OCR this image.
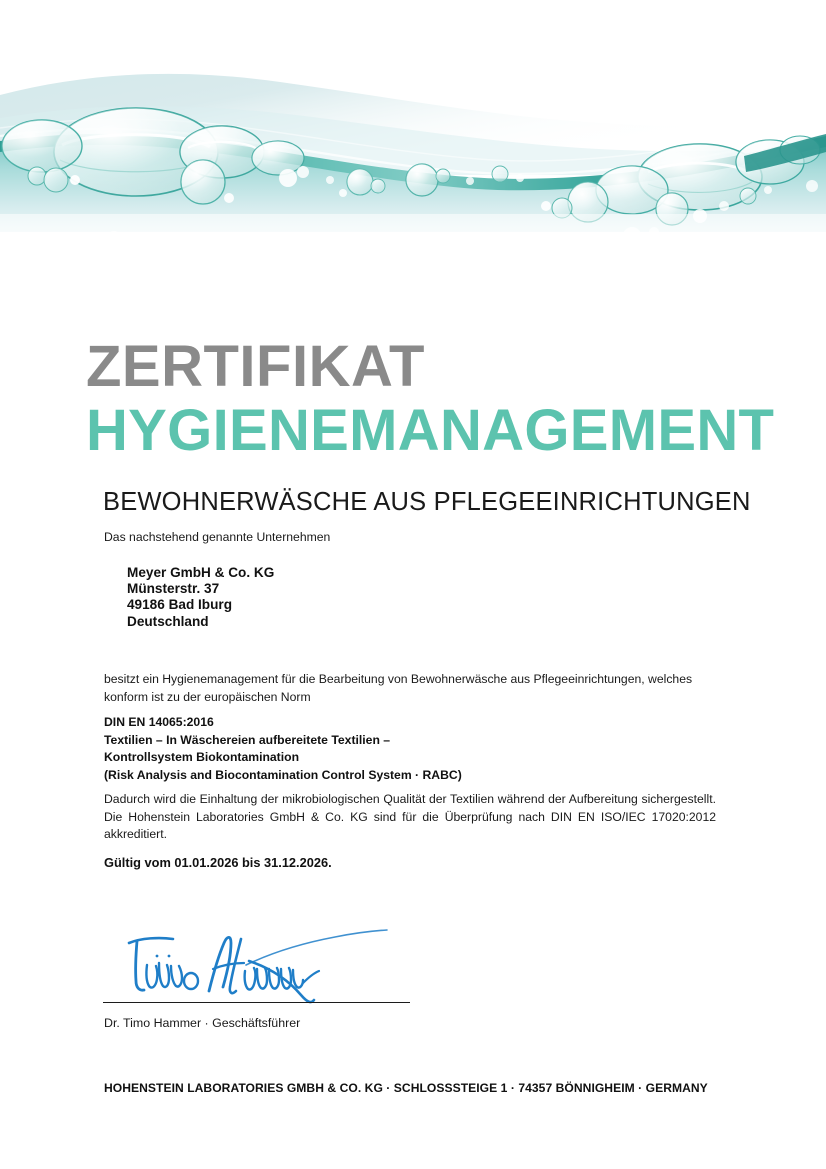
ZERTIFIKAT
HYGIENEMANAGEMENT
BEWOHNERWÄSCHE AUS PFLEGEEINRICHTUNGEN
Das nachstehend genannte Unternehmen
Meyer GmbH & Co. KG
Münsterstr. 37
49186 Bad Iburg
Deutschland
besitzt ein Hygienemanagement für die Bearbeitung von Bewohnerwäsche aus Pflegeeinrichtungen, welches konform ist zu der europäischen Norm
DIN EN 14065:2016
Textilien – In Wäschereien aufbereitete Textilien –
Kontrollsystem Biokontamination
(Risk Analysis and Biocontamination Control System · RABC)
Dadurch wird die Einhaltung der mikrobiologischen Qualität der Textilien während der Aufbereitung sichergestellt. Die Hohenstein Laboratories GmbH & Co. KG sind für die Überprüfung nach DIN EN ISO/IEC 17020:2012 akkreditiert.
Gültig vom 01.01.2026 bis 31.12.2026.
Dr. Timo Hammer · Geschäftsführer
HOHENSTEIN LABORATORIES GMBH & CO. KG · SCHLOSSSTEIGE 1 · 74357 BÖNNIGHEIM · GERMANY
